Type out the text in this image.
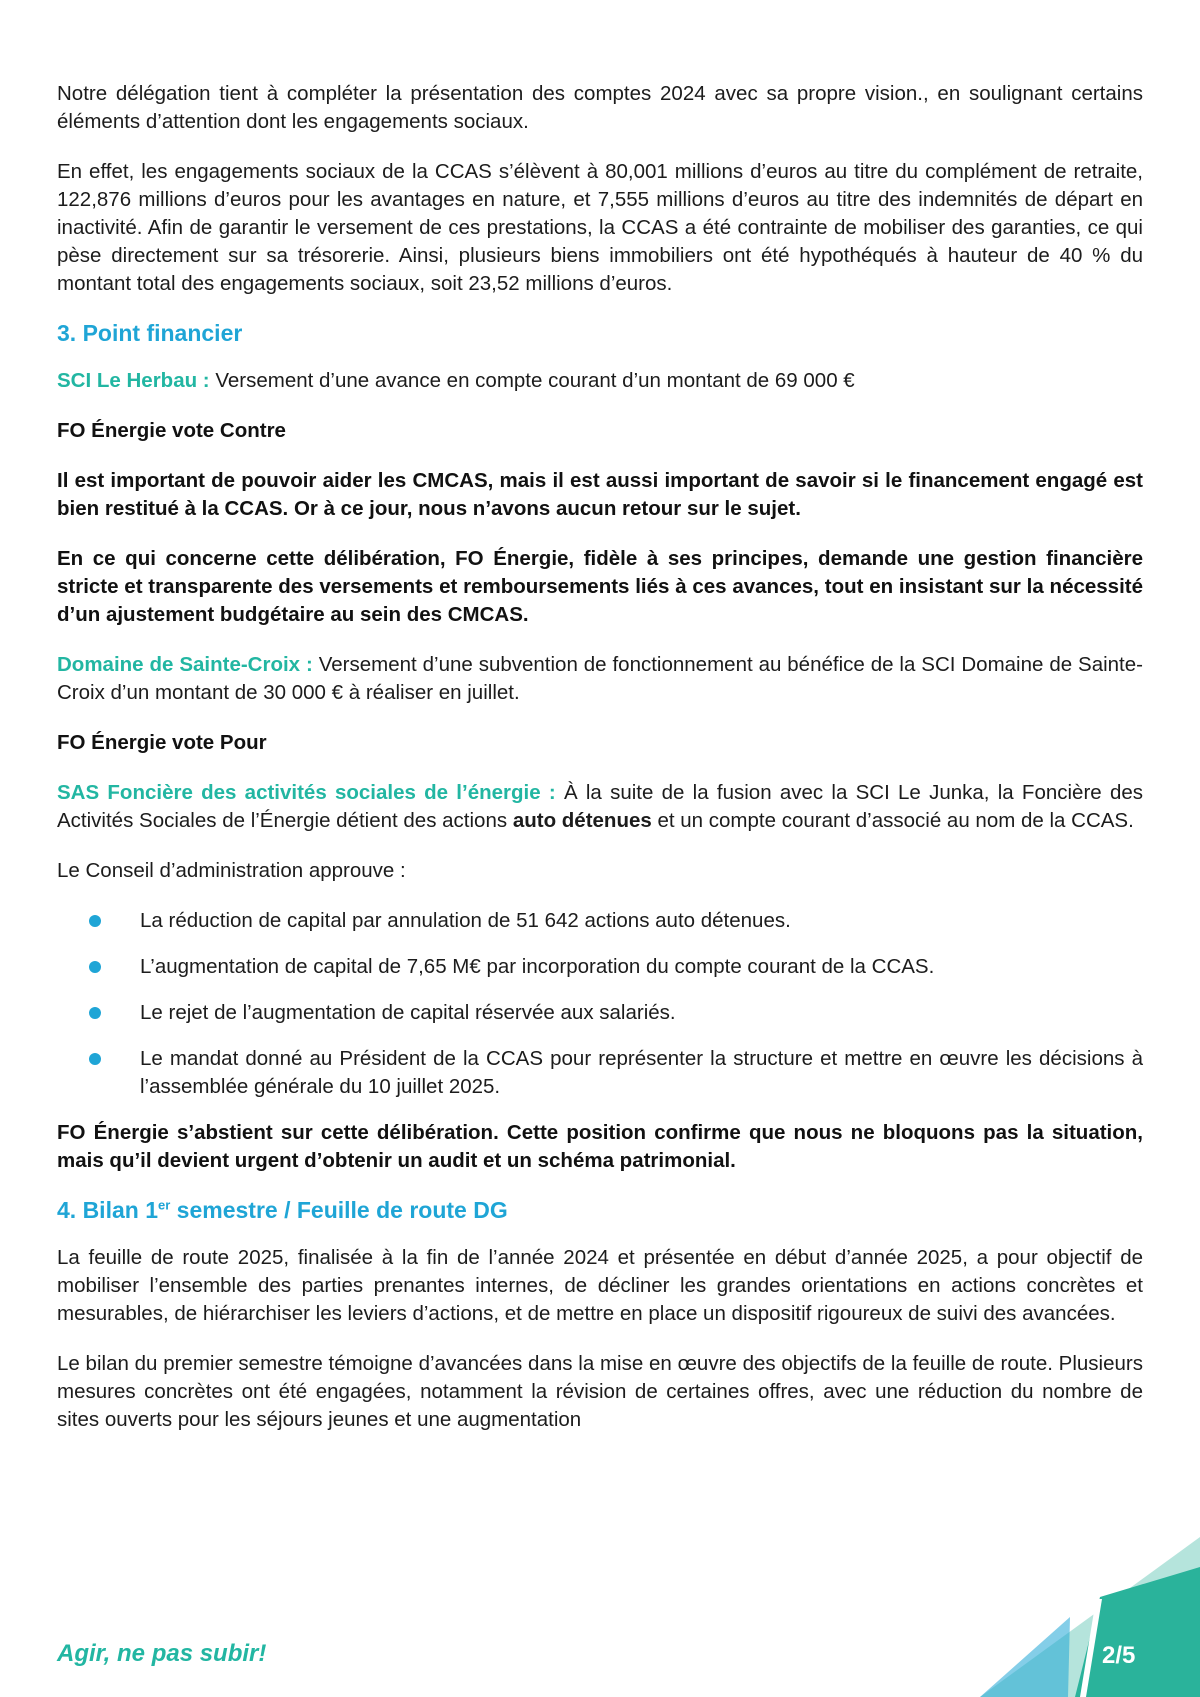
Notre délégation tient à compléter la présentation des comptes 2024 avec sa propre vision., en soulignant certains éléments d’attention dont les engagements sociaux.

En effet, les engagements sociaux de la CCAS s’élèvent à 80,001 millions d’euros au titre du complément de retraite, 122,876 millions d’euros pour les avantages en nature, et 7,555 millions d’euros au titre des indemnités de départ en inactivité. Afin de garantir le versement de ces prestations, la CCAS a été contrainte de mobiliser des garanties, ce qui pèse directement sur sa trésorerie. Ainsi, plusieurs biens immobiliers ont été hypothéqués à hauteur de 40 % du montant total des engagements sociaux, soit 23,52 millions d’euros.

3. Point financier

SCI Le Herbau : Versement d’une avance en compte courant d’un montant de 69 000 €

FO Énergie vote Contre

Il est important de pouvoir aider les CMCAS, mais il est aussi important de savoir si le financement engagé est bien restitué à la CCAS. Or à ce jour, nous n’avons aucun retour sur le sujet.

En ce qui concerne cette délibération, FO Énergie, fidèle à ses principes, demande une gestion financière stricte et transparente des versements et remboursements liés à ces avances, tout en insistant sur la nécessité d’un ajustement budgétaire au sein des CMCAS.

Domaine de Sainte-Croix : Versement d’une subvention de fonctionnement au bénéfice de la SCI Domaine de Sainte-Croix d’un montant de 30 000 € à réaliser en juillet.

FO Énergie vote Pour

SAS Foncière des activités sociales de l’énergie : À la suite de la fusion avec la SCI Le Junka, la Foncière des Activités Sociales de l’Énergie détient des actions auto détenues et un compte courant d’associé au nom de la CCAS.

Le Conseil d’administration approuve :

La réduction de capital par annulation de 51 642 actions auto détenues.
L’augmentation de capital de 7,65 M€ par incorporation du compte courant de la CCAS.
Le rejet de l’augmentation de capital réservée aux salariés.
Le mandat donné au Président de la CCAS pour représenter la structure et mettre en œuvre les décisions à l’assemblée générale du 10 juillet 2025.

FO Énergie s’abstient sur cette délibération. Cette position confirme que nous ne bloquons pas la situation, mais qu’il devient urgent d’obtenir un audit et un schéma patrimonial.

4. Bilan 1er semestre / Feuille de route DG

La feuille de route 2025, finalisée à la fin de l’année 2024 et présentée en début d’année 2025, a pour objectif de mobiliser l’ensemble des parties prenantes internes, de décliner les grandes orientations en actions concrètes et mesurables, de hiérarchiser les leviers d’actions, et de mettre en place un dispositif rigoureux de suivi des avancées.

Le bilan du premier semestre témoigne d’avancées dans la mise en œuvre des objectifs de la feuille de route. Plusieurs mesures concrètes ont été engagées, notamment la révision de certaines offres, avec une réduction du nombre de sites ouverts pour les séjours jeunes et une augmentation

Agir, ne pas subir!	2/5
